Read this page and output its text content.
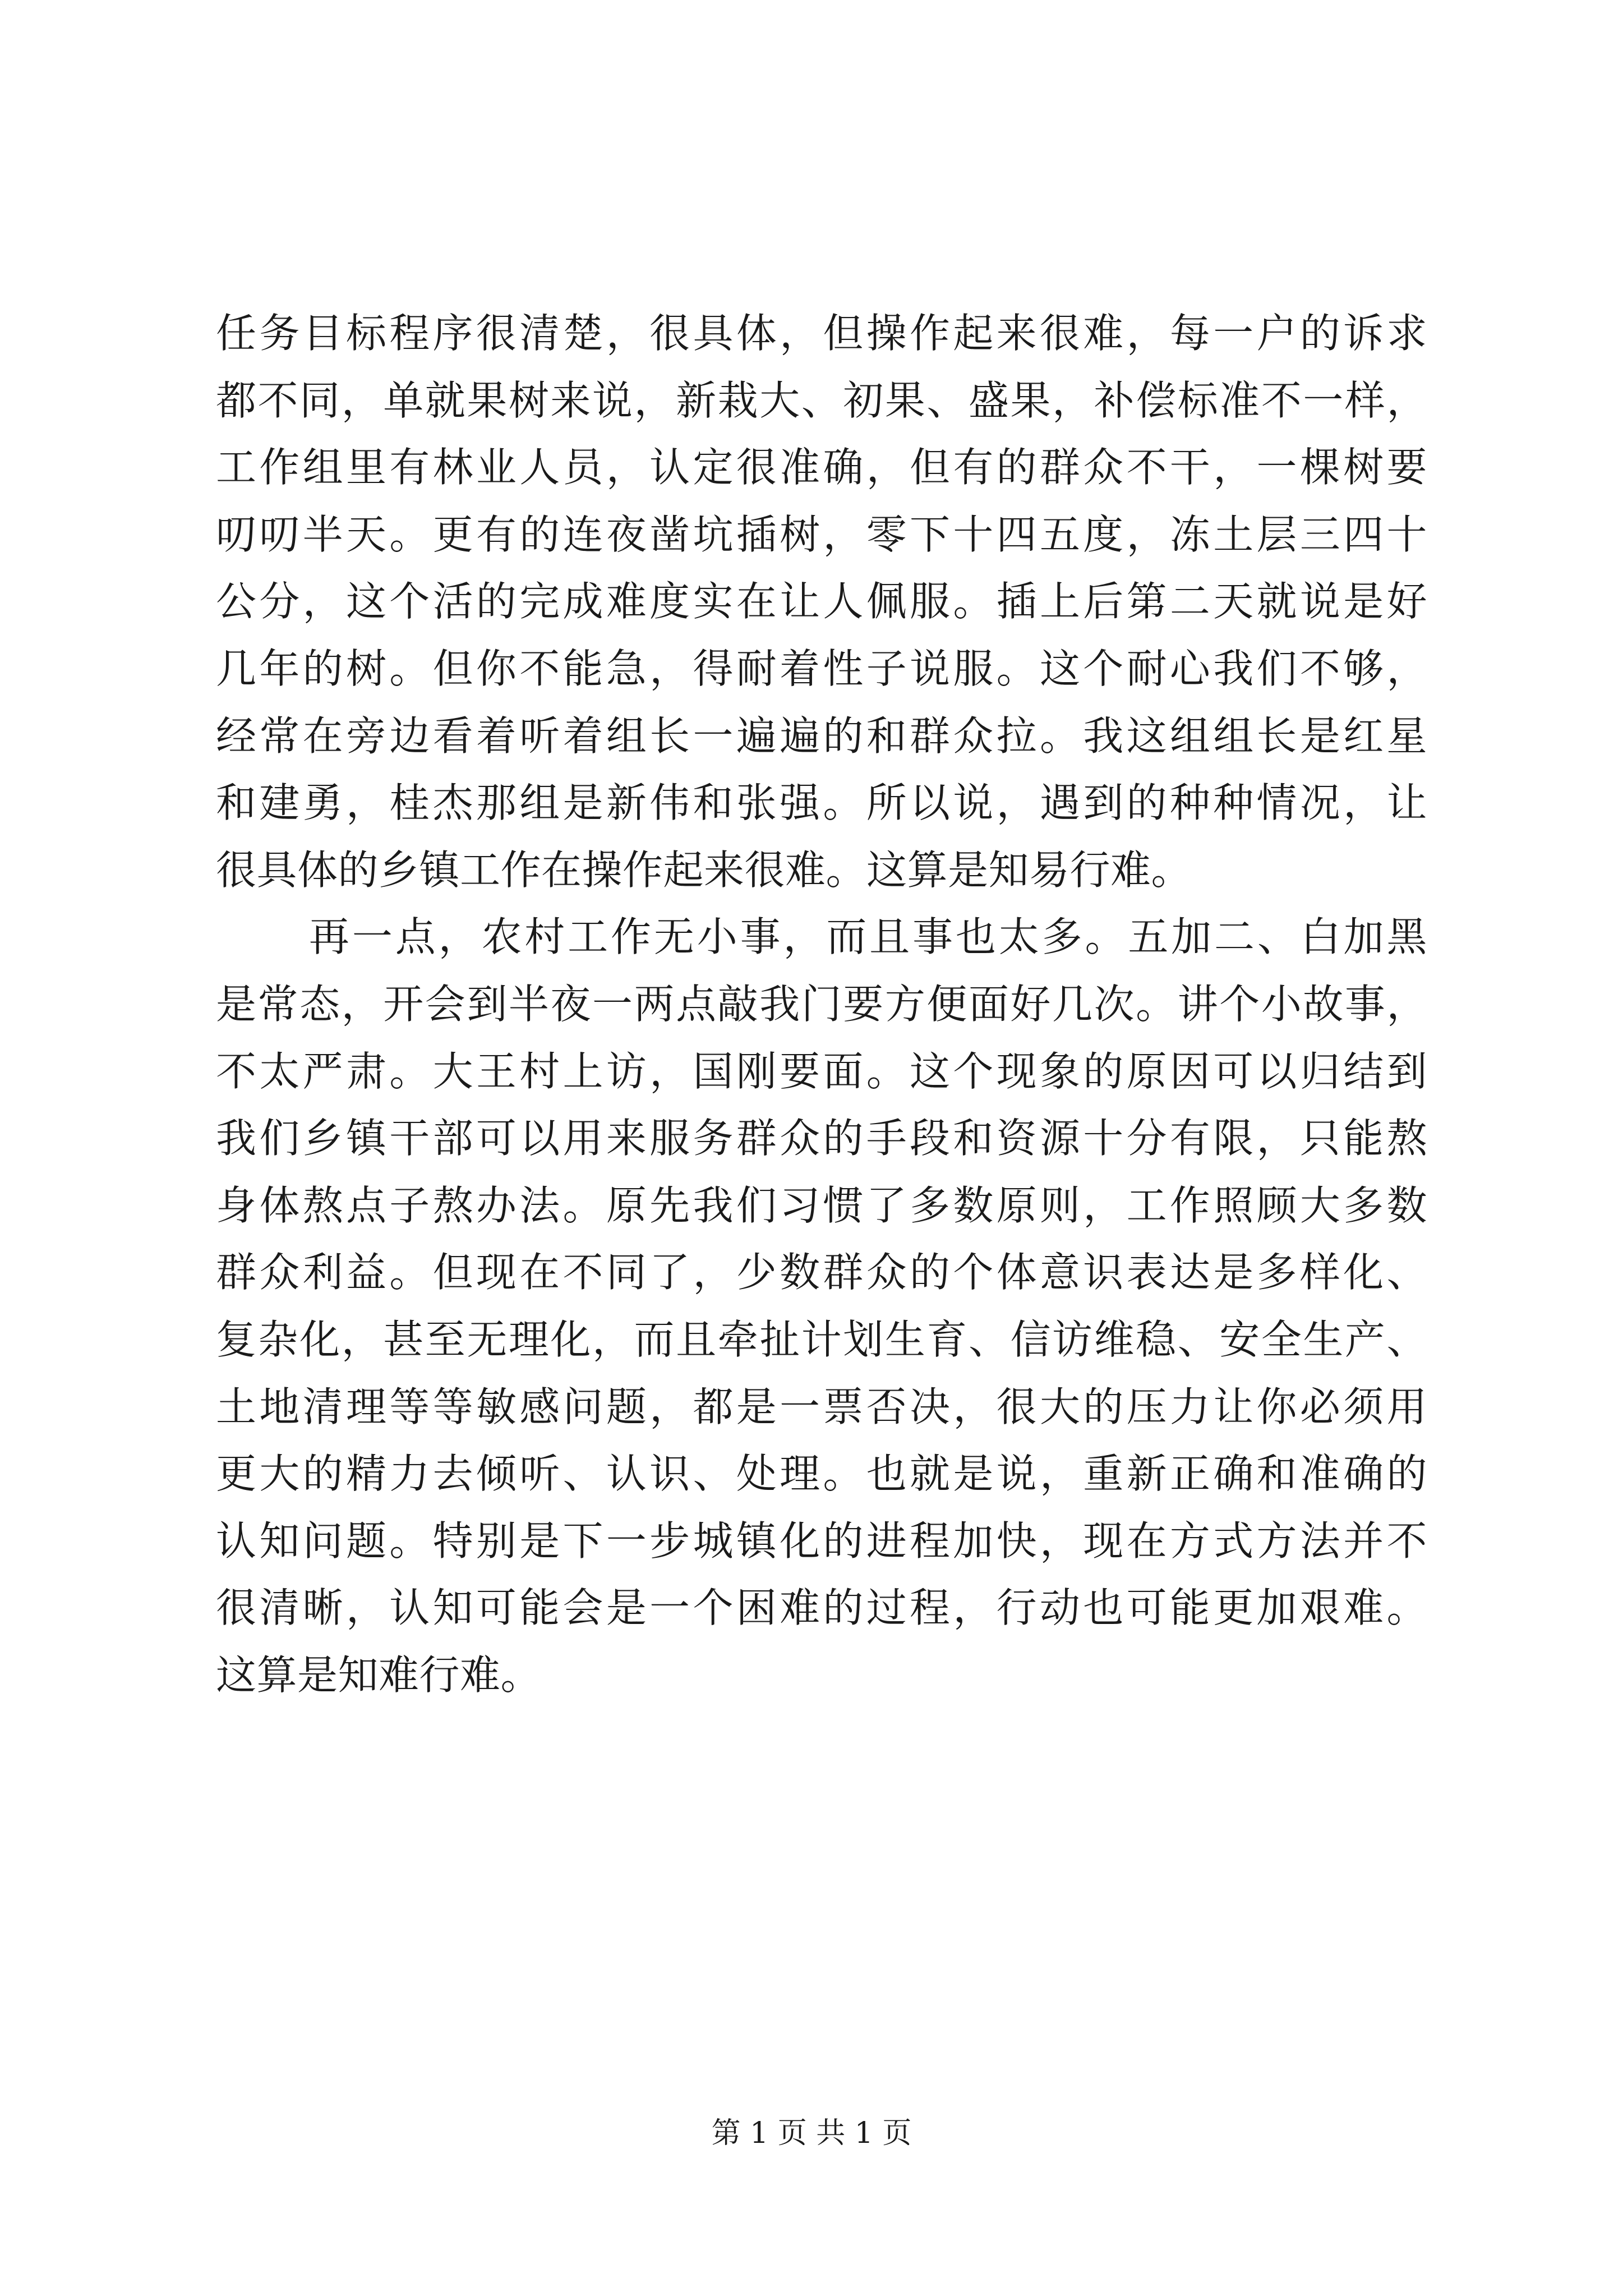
任务目标程序很清楚，很具体，但操作起来很难，每一户的诉求
都不同，单就果树来说，新栽大、初果、盛果，补偿标准不一样，
工作组里有林业人员，认定很准确，但有的群众不干，一棵树要
叨叨半天。更有的连夜凿坑插树，零下十四五度，冻土层三四十
公分，这个活的完成难度实在让人佩服。插上后第二天就说是好
几年的树。但你不能急，得耐着性子说服。这个耐心我们不够，
经常在旁边看着听着组长一遍遍的和群众拉。我这组组长是红星
和建勇，桂杰那组是新伟和张强。所以说，遇到的种种情况，让
很具体的乡镇工作在操作起来很难。这算是知易行难。
再一点，农村工作无小事，而且事也太多。五加二、白加黑
是常态，开会到半夜一两点敲我门要方便面好几次。讲个小故事，
不太严肃。大王村上访，国刚要面。这个现象的原因可以归结到
我们乡镇干部可以用来服务群众的手段和资源十分有限，只能熬
身体熬点子熬办法。原先我们习惯了多数原则，工作照顾大多数
群众利益。但现在不同了，少数群众的个体意识表达是多样化、
复杂化，甚至无理化，而且牵扯计划生育、信访维稳、安全生产、
土地清理等等敏感问题，都是一票否决，很大的压力让你必须用
更大的精力去倾听、认识、处理。也就是说，重新正确和准确的
认知问题。特别是下一步城镇化的进程加快，现在方式方法并不
很清晰，认知可能会是一个困难的过程，行动也可能更加艰难。
这算是知难行难。
第 1 页 共 1 页
